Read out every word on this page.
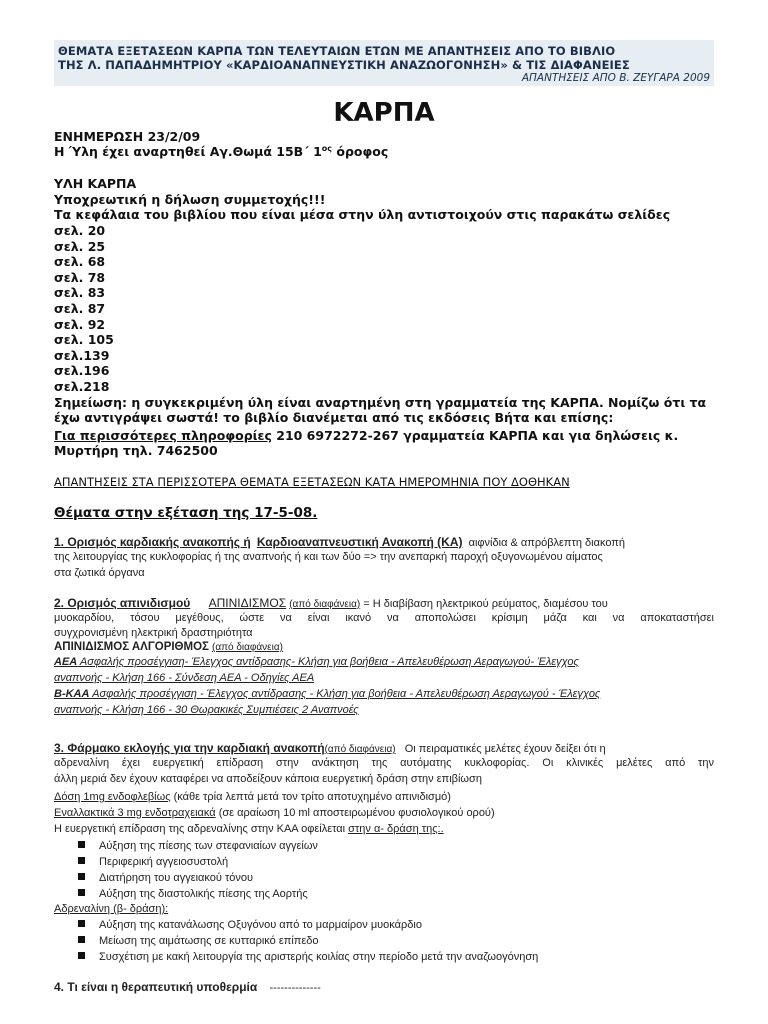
ΘΕΜΑΤΑ ΕΞΕΤΑΣΕΩΝ ΚΑΡΠΑ ΤΩΝ ΤΕΛΕΥΤΑΙΩΝ ΕΤΩΝ ΜΕ ΑΠΑΝΤΗΣΕΙΣ ΑΠΟ ΤΟ ΒΙΒΛΙΟ
ΤΗΣ Λ. ΠΑΠΑΔΗΜΗΤΡΙΟΥ «ΚΑΡΔΙΟΑΝΑΠΝΕΥΣΤΙΚΗ ΑΝΑΖΩΟΓΟΝΗΣΗ» & ΤΙΣ ΔΙΑΦΑΝΕΙΕΣ
ΑΠΑΝΤΗΣΕΙΣ ΑΠΟ Β. ΖΕΥΓΑΡΑ 2009
ΚΑΡΠΑ
ΕΝΗΜΕΡΩΣΗ 23/2/09
Η Ύλη έχει αναρτηθεί Αγ.Θωμά 15Β΄ $1^{o\varsigma}$ όροφος
ΥΛΗ ΚΑΡΠΑ
Υποχρεωτική η δήλωση συμμετοχής!!!
Τα κεφάλαια του βιβλίου που είναι μέσα στην ύλη αντιστοιχούν στις παρακάτω σελίδες
σελ. 20
σελ. 25
σελ. 68
σελ. 78
σελ. 83
σελ. 87
σελ. 92
σελ. 105
σελ.139
σελ.196
σελ.218
Σημείωση: η συγκεκριμένη ύλη είναι αναρτημένη στη γραμματεία της ΚΑΡΠΑ. Νομίζω ότι τα
έχω αντιγράψει σωστά! το βιβλίο διανέμεται από τις εκδόσεις Βήτα και επίσης:
Για περισσότερες πληροφορίες 210 6972272-267 γραμματεία ΚΑΡΠΑ και για δηλώσεις κ.
Μυρτήρη τηλ. 7462500
ΑΠΑΝΤΗΣΕΙΣ ΣΤΑ ΠΕΡΙΣΣΟΤΕΡΑ ΘΕΜΑΤΑ ΕΞΕΤΑΣΕΩΝ ΚΑΤΑ ΗΜΕΡΟΜΗΝΙΑ ΠΟΥ ΔΟΘΗΚΑΝ
Θέματα στην εξέταση της 17-5-08.
1. Ορισμός καρδιακής ανακοπής ή Καρδιοαναπνευστική Ανακοπή (ΚΑ) αιφνίδια & απρόβλεπτη διακοπή
της λειτουργίας της κυκλοφορίας ή της αναπνοής ή και των δύο => την ανεπαρκή παροχή οξυγονωμένου αίματος
στα ζωτικά όργανα
2. Ορισμός απινιδισμού ΑΠΙΝΙΔΙΣΜΟΣ (από διαφάνεια) = Η διαβίβαση ηλεκτρικού ρεύματος, διαμέσου του
μυοκαρδίου, τόσου μεγέθους, ώστε να είναι ικανό να αποπολώσει κρίσιμη μάζα και να αποκαταστήσει
συγχρονισμένη ηλεκτρική δραστηριότητα
ΑΠΙΝΙΔΙΣΜΟΣ ΑΛΓΟΡΙΘΜΟΣ (από διαφάνεια)
ΑΕΑ Ασφαλής προσέγγιση- Έλεγχος αντίδρασης- Κλήση για βοήθεια - Απελευθέρωση Αεραγωγού- Έλεγχος
αναπνοής - Κλήση 166 - Σύνδεση ΑΕΑ - Οδηγίες ΑΕΑ
Β-ΚΑΑ Ασφαλής προσέγγιση - Έλεγχος αντίδρασης - Κλήση για βοήθεια - Απελευθέρωση Αεραγωγού - Έλεγχος
αναπνοής - Κλήση 166 - 30 Θωρακικές Συμπιέσεις 2 Αναπνοές
3. Φάρμακο εκλογής για την καρδιακή ανακοπή(από διαφάνεια) Οι πειραματικές μελέτες έχουν δείξει ότι η
αδρεναλίνη έχει ευεργετική επίδραση στην ανάκτηση της αυτόματης κυκλοφορίας. Οι κλινικές μελέτες από την
άλλη μεριά δεν έχουν καταφέρει να αποδείξουν κάποια ευεργετική δράση στην επιβίωση
Δόση 1mg ενδοφλεβίως (κάθε τρία λεπτά μετά τον τρίτο αποτυχημένο απινιδισμό)
Εναλλακτικά 3 mg ενδοτραχειακά (σε αραίωση 10 ml αποστειρωμένου φυσιολογικού ορού)
Η ευεργετική επίδραση της αδρεναλίνης στην ΚΑΑ οφείλεται στην α- δράση της:.
Αύξηση της πίεσης των στεφανιαίων αγγείων
Περιφερική αγγειοσυστολή
Διατήρηση του αγγειακού τόνου
Αύξηση της διαστολικής πίεσης της Αορτής
Αδρεναλίνη (β- δράση):
Αύξηση της κατανάλωσης Οξυγόνου από το μαρμαίρον μυοκάρδιο
Μείωση της αιμάτωσης σε κυτταρικό επίπεδο
Συσχέτιση με κακή λειτουργία της αριστερής κοιλίας στην περίοδο μετά την αναζωογόνηση
4. Τι είναι η θεραπευτική υποθερμία --------------
